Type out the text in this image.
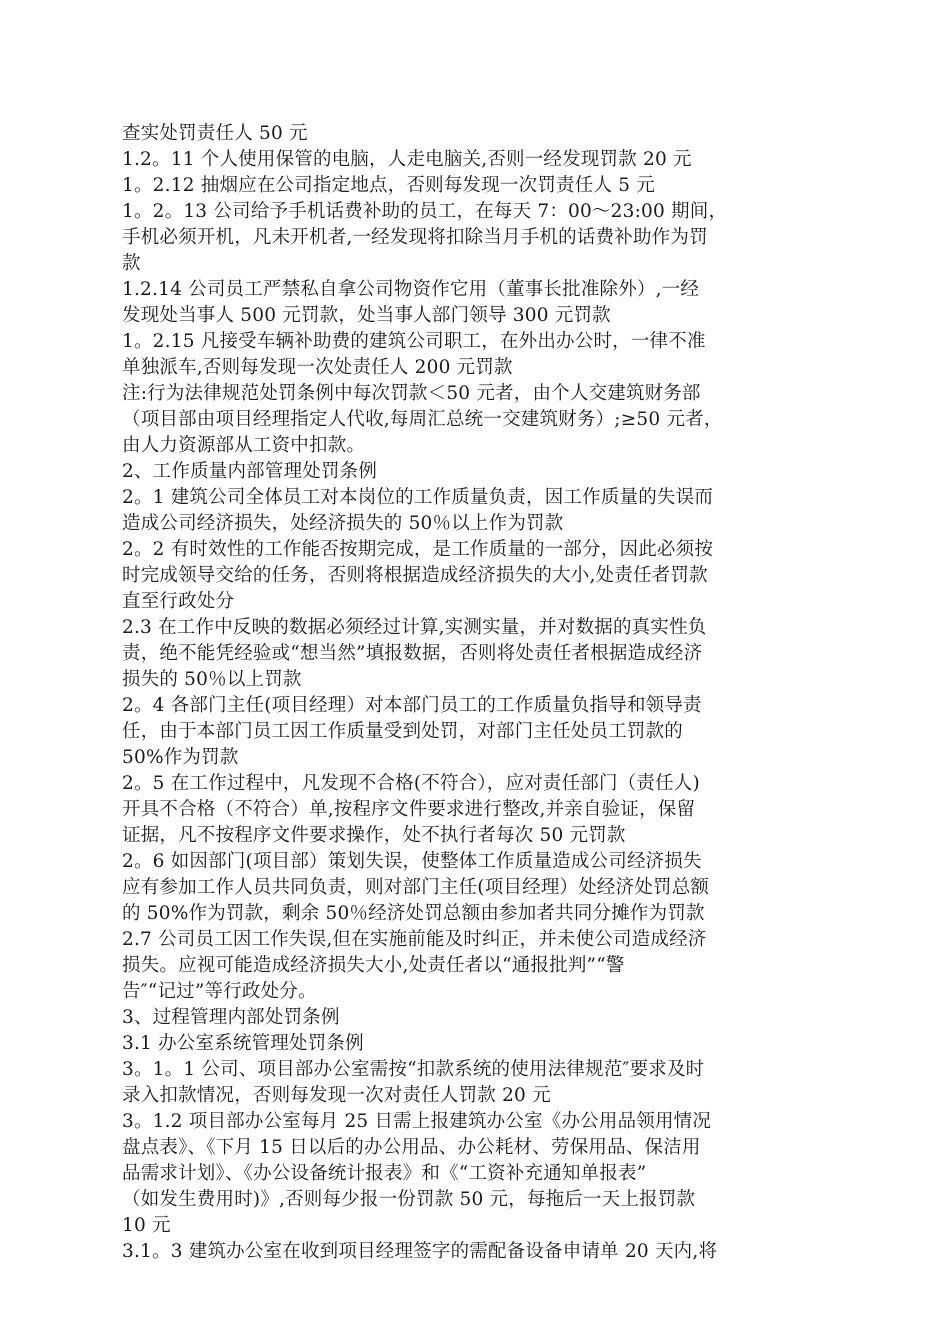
查实处罚责任人 50 元
1.2。11 个人使用保管的电脑，人走电脑关,否则一经发现罚款 20 元
1。2.12 抽烟应在公司指定地点，否则每发现一次罚责任人 5 元
1。2。13 公司给予手机话费补助的员工，在每天 7：00～23:00 期间，
手机必须开机，凡未开机者,一经发现将扣除当月手机的话费补助作为罚
款
1.2.14 公司员工严禁私自拿公司物资作它用（董事长批准除外）,一经
发现处当事人 500 元罚款，处当事人部门领导 300 元罚款
1。2.15 凡接受车辆补助费的建筑公司职工，在外出办公时，一律不准
单独派车,否则每发现一次处责任人 200 元罚款
注:行为法律规范处罚条例中每次罚款＜50 元者，由个人交建筑财务部
（项目部由项目经理指定人代收,每周汇总统一交建筑财务）;≥50 元者，
由人力资源部从工资中扣款。
2、工作质量内部管理处罚条例
2。1 建筑公司全体员工对本岗位的工作质量负责，因工作质量的失误而
造成公司经济损失，处经济损失的 50％以上作为罚款
2。2 有时效性的工作能否按期完成，是工作质量的一部分，因此必须按
时完成领导交给的任务，否则将根据造成经济损失的大小,处责任者罚款
直至行政处分
2.3 在工作中反映的数据必须经过计算,实测实量，并对数据的真实性负
责，绝不能凭经验或“想当然”填报数据，否则将处责任者根据造成经济
损失的 50％以上罚款
2。4 各部门主任(项目经理）对本部门员工的工作质量负指导和领导责
任，由于本部门员工因工作质量受到处罚，对部门主任处员工罚款的
50%作为罚款
2。5 在工作过程中，凡发现不合格(不符合），应对责任部门（责任人)
开具不合格（不符合）单,按程序文件要求进行整改,并亲自验证，保留
证据，凡不按程序文件要求操作，处不执行者每次 50 元罚款
2。6 如因部门(项目部）策划失误，使整体工作质量造成公司经济损失
应有参加工作人员共同负责，则对部门主任(项目经理）处经济处罚总额
的 50%作为罚款，剩余 50％经济处罚总额由参加者共同分摊作为罚款
2.7 公司员工因工作失误,但在实施前能及时纠正，并未使公司造成经济
损失。应视可能造成经济损失大小,处责任者以“通报批判”“警
告″“记过”等行政处分。
3、过程管理内部处罚条例
3.1 办公室系统管理处罚条例
3。1。1 公司、项目部办公室需按“扣款系统的使用法律规范″要求及时
录入扣款情况，否则每发现一次对责任人罚款 20 元
3。1.2 项目部办公室每月 25 日需上报建筑办公室《办公用品领用情况
盘点表》、《下月 15 日以后的办公用品、办公耗材、劳保用品、保洁用
品需求计划》、《办公设备统计报表》和《“工资补充通知单报表”
（如发生费用时)》,否则每少报一份罚款 50 元，每拖后一天上报罚款
10 元
3.1。3 建筑办公室在收到项目经理签字的需配备设备申请单 20 天内,将
